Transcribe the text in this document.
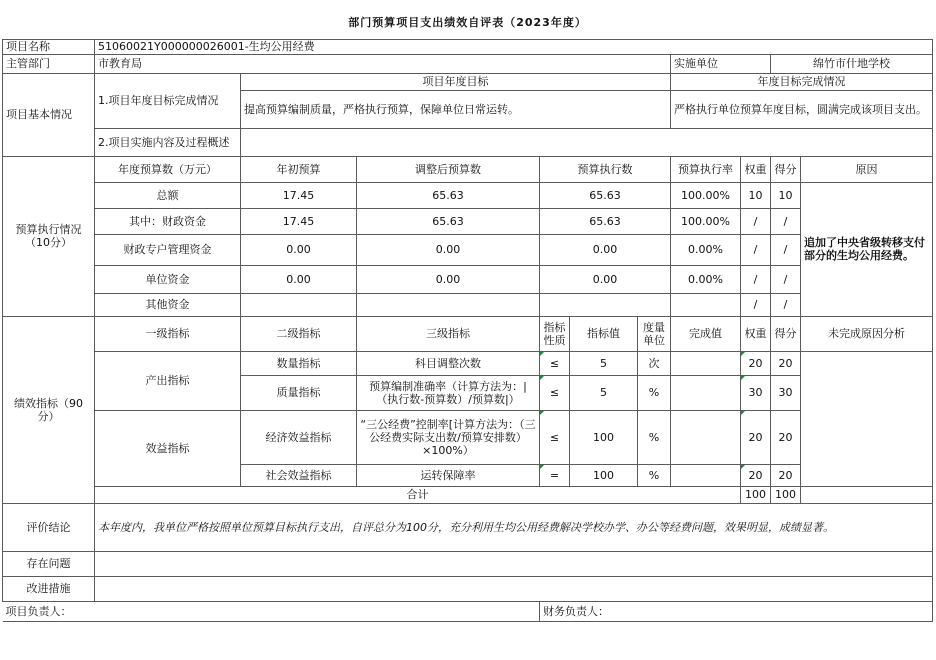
部门预算项目支出绩效自评表（2023年度）										
项目名称	51060021Y000000026001-生均公用经费									
主管部门	市教育局						实施单位		绵竹市什地学校	
项目基本情况	1.项目年度目标完成情况	项目年度目标					年度目标完成情况			
		提高预算编制质量，严格执行预算，保障单位日常运转。					严格执行单位预算年度目标，圆满完成该项目支出。			
	2.项目实施内容及过程概述									
预算执行情况（10分）	年度预算数（万元）	年初预算	调整后预算数	预算执行数			预算执行率	权重	得分	原因
	总额	17.45	65.63	65.63			100.00%	10	10	追加了中央省级转移支付部分的生均公用经费。
	其中：财政资金	17.45	65.63	65.63			100.00%	/	/	
	财政专户管理资金	0.00	0.00	0.00			0.00%	/	/	
	单位资金	0.00	0.00	0.00			0.00%	/	/	
	其他资金							/	/	
绩效指标（90分）	一级指标	二级指标	三级指标	指标性质	指标值	度量单位	完成值	权重	得分	未完成原因分析
	产出指标	数量指标	科目调整次数	≤	5	次		20	20	
		质量指标	预算编制准确率（计算方法为：|（执行数-预算数）/预算数|）	≤	5	%		30	30	
	效益指标	经济效益指标	“三公经费”控制率[计算方法为：（三公经费实际支出数/预算安排数）×100%）	≤	100	%		20	20	
		社会效益指标	运转保障率	=	100	%		20	20	
	合计							100	100	
评价结论	本年度内，我单位严格按照单位预算目标执行支出，自评总分为100分，充分利用生均公用经费解决学校办学、办公等经费问题，效果明显，成绩显著。									
存在问题										
改进措施										
项目负责人：				财务负责人：						
